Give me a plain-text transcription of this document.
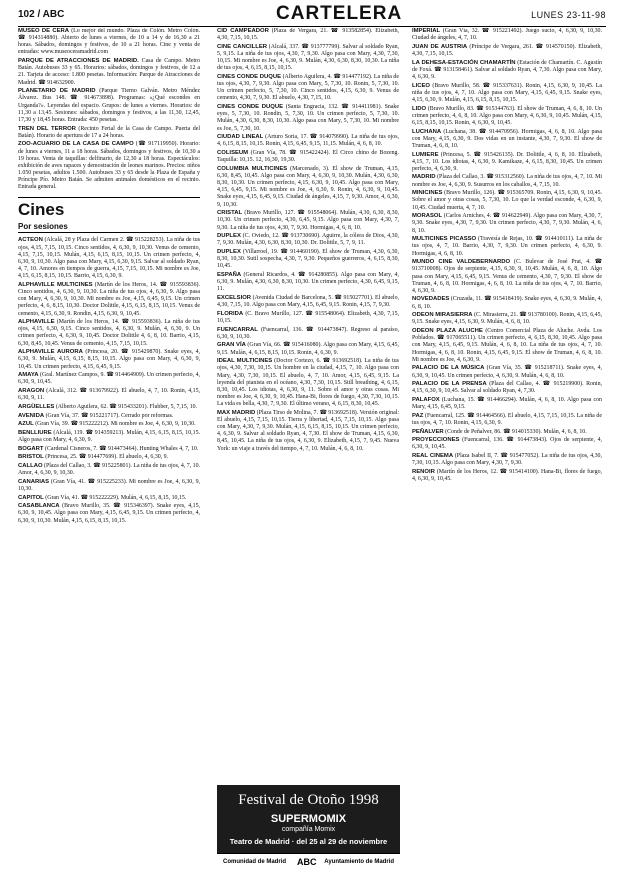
102 / ABC	CARTELERA	LUNES 23-11-98

MUSEO DE CERA (Lo mejor del mundo. Plaza de Colón. Metro Colón. ☎ 914314880). Abierto de lunes a viernes, de 10 a 14 y de 16,30 a 21 horas. Sábados, domingos y festivos, de 10 a 21 horas. Cine y venta de entradas: www.museoceramadrid.com

PARQUE DE ATRACCIONES DE MADRID. Casa de Campo. Metro Batán. Autobuses 33 y 65. Horarios: sábados, domingos y festivos, de 12 a 21. Tarjeta de acceso: 1.800 pesetas. Información: Parque de Atracciones de Madrid. ☎ 914632900.

PLANETARIO DE MADRID (Parque Tierno Galván. Metro Méndez Álvarez. Bus 148. ☎ 914673898). Programas: «¿Qué escondes en Urganda?». Leyendas del espacio. Grupos: de lunes a viernes. Horarios: de 11,30 a 13,45. Sesiones: sábados, domingos y festivos, a las 11,30, 12,45, 17,30 y 18,45 horas. Entrada: 450 pesetas.

TREN DEL TERROR (Recinto Ferial de la Casa de Campo. Puerta del Batán). Horario de apertura de 17 a 24 horas.

ZOO-ACUARIO DE LA CASA DE CAMPO (☎ 917119950). Horario: de lunes a viernes, 11 a 18 horas. Sábados, domingos y festivos, de 10,30 a 19 horas. Venta de taquillas: delfinario, de 12,30 a 18 horas. Espectáculos: exhibición de aves rapaces y demostración de leones marinos. Precios: niños 1.050 pesetas, adultos 1.500. Autobuses 33 y 65 desde la Plaza de España y Príncipe Pío. Metro Batán. Se admiten animales domésticos en el recinto. Entrada general.

Cines
Por sesiones

ACTEON (Alcalá, 28 y Plaza del Carmen 2. ☎ 915228253). La niña de tus ojos, 4,15, 7,15, 10,15. Cinco sentidos, 4, 6,30, 9, 10,30. Venus de cemento, 4,15, 7,15, 10,15. Mulán, 4,15, 6,15, 8,15, 10,15. Un crimen perfecto, 4, 6,30, 9, 10,30. Algo pasa con Mary, 4,15, 6,30, 9,15. Salvar al soldado Ryan, 4, 7, 10. Amores en tiempos de guerra, 4,15, 7,15, 10,15. Mi nombre es Joe, 4,15, 6,15, 8,15, 10,15. Barrio, 4,15, 6,30, 9.

ALPHAVILLE MULTICINES (Martín de los Heros, 14. ☎ 915593836). Cinco sentidos, 4, 6,30, 9, 10,30. La niña de tus ojos, 4, 6,30, 9. Algo pasa con Mary, 4, 6,30, 9, 10,30. Mi nombre es Joe, 4,15, 6,45, 9,15. Un crimen perfecto, 4, 6, 8,15, 10,30. Doctor Dolittle, 4,15, 6,15, 8,15, 10,15. Venus de cemento, 4,15, 6,30, 9. Rondin, 4,15, 6,30, 9, 10,45.

ALPHAVILLE (Martín de los Heros, 14. ☎ 915593836). La niña de tus ojos, 4,15, 6,30, 9,15. Cinco sentidos, 4, 6,30, 9. Mulán, 4, 6,30, 9. Un crimen perfecto, 4, 6,30, 9, 10,45. Doctor Dolittle 4, 6, 8, 10. Barrio, 4,15, 6,30, 8,45, 10,45. Venus de cemento, 4,15, 7,15, 10,15.

ALPHAVILLE AURORA (Princesa, 20. ☎ 915429870). Snake eyes, 4, 6,30, 9. Mulán, 4,15, 6,15, 8,15, 10,15. Algo pasa con Mary, 4, 6,30, 9, 10,45. Un crimen perfecto, 4,15, 6,45, 9,15.

AMAYA (Gral. Martínez Campos, 9. ☎ 914464909). Un crimen perfecto, 4, 6,30, 9, 10,45.

ARAGON (Alcalá, 312. ☎ 913679922). El abuelo, 4, 7, 10. Ronin, 4,15, 6,30, 9, 11.

ARGÜELLES (Alberto Aguilera, 62. ☎ 915433201). Flubber, 5, 7,15, 10.

AVENIDA (Gran Vía, 37. ☎ 915221717). Cerrado por reformas.

AZUL (Gran Vía, 39. ☎ 915222212). Mi nombre es Joe, 4, 6,30, 9, 10,30.

BENLLIURE (Alcalá, 119. ☎ 914359213). Mulán, 4,15, 6,15, 8,15, 10,15. Algo pasa con Mary, 4, 6,30, 9.

BOGART (Cardenal Cisneros, 7. ☎ 914473464). Hunting Whales 4, 7, 10.

BRISTOL (Princesa, 25. ☎ 914477699). El abuelo, 4, 6,30, 9.

CALLAO (Plaza del Callao, 3. ☎ 915225801). La niña de tus ojos, 4, 7, 10. Amor, 4, 6,30, 9, 10,30.

CANARIAS (Gran Vía, 41. ☎ 915225233). Mi nombre es Joe, 4, 6,30, 9, 10,30.

CAPITOL (Gran Vía, 41. ☎ 915222229). Mulán, 4, 6,15, 8,15, 10,15.

CASABLANCA (Bravo Murillo, 35. ☎ 915346397). Snake eyes, 4,15, 6,30, 9, 10,45. Algo pasa con Mary, 4,15, 6,45, 9,15. Un crimen perfecto, 4, 6,30, 9, 10,30. Mulán, 4,15, 6,15, 8,15, 10,15.

CID CAMPEADOR (Plaza de Vergara, 21. ☎ 913582854). Elizabeth, 4,30, 7,15, 10,15.

CINE CANCILLER (Alcalá, 337. ☎ 913777799). Salvar al soldado Ryan, 5, 9,15. La niña de tus ojos, 4,30, 7, 9,30. Algo pasa con Mary, 4,30, 7,30, 10,15. Mi nombre es Joe, 4, 6,30, 9. Mulán, 4,30, 6,30, 8,30, 10,30. La niña de tus ojos, 4, 6,15, 8,15, 10,15.

CINES CONDE DUQUE (Alberto Aguilera, 4. ☎ 914477192). La niña de tus ojos, 4,30, 7, 9,30. Algo pasa con Mary, 5, 7,30, 10. Ronin, 5, 7,30, 10. Un crimen perfecto, 5, 7,30, 10. Cinco sentidos, 4,15, 6,30, 9. Venus de cemento, 4,30, 7, 9,30. El abuelo, 4,30, 7,15, 10.

CINES CONDE DUQUE (Santa Engracia, 132. ☎ 914411981). Snake eyes, 5, 7,30, 10. Rondin, 5, 7,30, 10. Un crimen perfecto, 5, 7,30, 10. Mulán, 4,30, 6,30, 8,30, 10,30. Algo pasa con Mary, 5, 7,30, 10. Mi nombre es Joe, 5, 7,30, 10.

CIUDAD LINEAL (Arturo Soria, 17. ☎ 914079990). La niña de tus ojos, 4, 6,15, 8,15, 10,15. Ronin, 4,15, 6,45, 9,15, 11,15. Mulán, 4, 6, 8, 10.

COLISEUM (Gran Vía, 78. ☎ 915422424). El Circo chino de Bozeng. Taquilla: 10,15. 12, 16,30, 19,30.

COLUMBIA MULTICINES (Marcenado, 3). El show de Truman, 4,15, 6,30, 8,45, 10,45. Algo pasa con Mary, 4, 6,30, 9, 10,30. Mulán, 4,30, 6,30, 8,30, 10,30. Un crimen perfecto, 4,15, 6,30, 9, 10,45. Algo pasa con Mary, 4,15, 6,45, 9,15. Mi nombre es Joe, 4, 6,30, 9. Ronin, 4, 6,30, 9, 10,45. Snake eyes, 4,15, 6,45, 9,15. Ciudad de ángeles, 4,15, 7, 9,30. Amor, 4, 6,30, 9, 10,30.

CRISTAL (Bravo Murillo, 127. ☎ 915548064). Mulán, 4,30, 6,30, 8,30, 10,30. Un crimen perfecto, 4,30, 6,45, 9,15. Algo pasa con Mary, 4,30, 7, 9,30. La niña de tus ojos, 4,30, 7, 9,30. Hormigas, 4, 6, 8, 10.

DUPLEX (C. Oviedo, 12. ☎ 913730690). Aguirre, la cólera de Dios, 4,30, 7, 9,30. Mulán, 4,30, 6,30, 8,30, 10,30. Dr. Dolittle, 5, 7, 9, 11.

DUPLEX (Villarroel, 19. ☎ 914460190). El show de Truman, 4,30, 6,30, 8,30, 10,30. Sutil sospecha, 4,30, 7, 9,30. Pequeños guerreros, 4, 6,15, 8,30, 10,45.

ESPAÑA (General Ricardos, 4. ☎ 914280855). Algo pasa con Mary, 4, 6,30, 9. Mulán, 4,30, 6,30, 8,30, 10,30. Un crimen perfecto, 4,30, 6,45, 9,15, 11.

EXCELSIOR (Avenida Ciudad de Barcelona, 5. ☎ 915027701). El abuelo, 4,30, 7,15, 10. Algo pasa con Mary, 4,15, 6,45, 9,15. Ronin, 4,15, 7, 9,30.

FLORIDA (C. Bravo Murillo, 127. ☎ 915548064). Elizabeth, 4,30, 7,15, 10,15.

FUENCARRAL (Fuencarral, 136. ☎ 914473847). Regreso al paraíso, 6,30, 9, 10,30.

GRAN VÍA (Gran Vía, 66. ☎ 915416080). Algo pasa con Mary, 4,15, 6,45, 9,15. Mulán, 4, 6,15, 8,15, 10,15. Ronin, 4, 6,30, 9.

IDEAL MULTICINES (Doctor Cortezo, 6. ☎ 913692518). La niña de tus ojos, 4,30, 7,30, 10,15. Un hombre en la ciudad, 4,15, 7, 10. Algo pasa con Mary, 4,30, 7,30, 10,15. El abuelo, 4, 7, 10. Amor, 4,15, 6,45, 9,15. La leyenda del pianista en el océano, 4,30, 7,30, 10,15. Still breathing, 4, 6,15, 8,30, 10,45. Los idiotas, 4, 6,30, 9, 11. Sobre el amor y otras cosas. Mi nombre es Joe, 4, 6,30, 9, 10,45. Hana-Bi, flores de fuego, 4,30, 7,30, 10,15. La vida es bella, 4,30, 7, 9,30. El último verano, 4, 6,15, 8,30, 10,45.

MAX MADRID (Plaza Tirso de Molina, 7. ☎ 913692518). Versión original: El abuelo, 4,15, 7,15, 10,15. Tierra y libertad, 4,15, 7,15, 10,15. Algo pasa con Mary, 4,30, 7, 9,30. Mulán, 4,15, 6,15, 8,15, 10,15. Un crimen perfecto, 4, 6,30, 9. Salvar al soldado Ryan, 4, 7,30. El show de Truman, 4,15, 6,30, 8,45, 10,45. La niña de tus ojos, 4, 6,30, 9. Elizabeth, 4,15, 7, 9,45. Nueva York: un viaje a través del tiempo, 4, 7, 10. Mulán, 4, 6, 8, 10.

Festival de Otoño 1998
SUPERMOMIX
compañía Momix
Teatro de Madrid · del 25 al 29 de noviembre
Comunidad de Madrid ABC Ayuntamiento de Madrid

IMPERIAL (Gran Vía, 32. ☎ 915221492). Juego sucio, 4, 6,30, 9, 10,30. Ciudad de ángeles, 4, 7, 10.

JUAN DE AUSTRIA (Príncipe de Vergara, 261. ☎ 914570150). Elizabeth, 4,30, 7,15, 10,15.

LA DEHESA-ESTACIÓN CHAMARTÍN (Estación de Chamartín. C. Agustín de Foxá. ☎ 913158461). Salvar al soldado Ryan, 4, 7,30. Algo pasa con Mary, 4, 6,30, 9.

LICEO (Bravo Murillo, 58. ☎ 915337631). Ronin, 4,15, 6,30, 9, 10,45. La niña de tus ojos, 4, 7, 10. Algo pasa con Mary, 4,15, 6,45, 9,15. Snake eyes, 4,15, 6,30, 9. Mulán, 4,15, 6,15, 8,15, 10,15.

LIDO (Bravo Murillo, 83. ☎ 915344763). El show de Truman, 4, 6, 8, 10. Un crimen perfecto, 4, 6, 8, 10. Algo pasa con Mary, 4, 6,30, 9, 10,45. Mulán, 4,15, 6,15, 8,15, 10,15. Ronin, 4, 6,30, 9, 10,45.

LUCHANA (Luchana, 38. ☎ 914470956). Hormigas, 4, 6, 8, 10. Algo pasa con Mary, 4,15, 6,30, 9. Dos vidas en un instante, 4,30, 7, 9,30. El show de Truman, 4, 6, 8, 10.

LUMIERE (Princesa, 5. ☎ 915426135). Dr. Dolittle, 4, 6, 8, 10. Elizabeth, 4,15, 7, 10. Los idiotas, 4, 6,30, 9. Kamikaze, 4, 6,15, 8,30, 10,45. Un crimen perfecto, 4, 6,30, 9.

MADRID (Plaza del Callao, 3. ☎ 915312560). La niña de tus ojos, 4, 7, 10. Mi nombre es Joe, 4, 6,30, 9. Susurros en los caballos, 4, 7,15, 10.

MINICINES (Bravo Murillo, 126). ☎ 915365709. Ronin, 4,15, 6,30, 9, 10,45. Sobre el amor y otras cosas, 5, 7,30, 10. Lo que la verdad esconde, 4, 6,30, 9, 10,45. Ciudad muerta, 4, 7, 10.

MORASOL (Carlos Arniches, 4. ☎ 914622949). Algo pasa con Mary, 4,30, 7, 9,30. Snake eyes, 4,30, 7, 9,30. Un crimen perfecto, 4,30, 7, 9,30. Mulán, 4, 6, 8, 10.

MULTICINES PICASSO (Travesía de Rejas, 10. ☎ 914410111). La niña de tus ojos, 4, 7, 10. Barrio, 4,30, 7, 9,30. Un crimen perfecto, 4, 6,30, 9. Hormigas, 4, 6, 8, 10.

MUNDO CINE VALDEBERNARDO (C. Bulevar de José Prat, 4. ☎ 913710008). Ojos de serpiente, 4,15, 6,30, 9, 10,45. Mulán, 4, 6, 8, 10. Algo pasa con Mary, 4,15, 6,45, 9,15. Venus de cemento, 4,30, 7, 9,30. El show de Truman, 4, 6, 8, 10. Hormigas, 4, 6, 8, 10. La niña de tus ojos, 4, 7, 10. Barrio, 4, 6,30, 9.

NOVEDADES (Cruzada, 11. ☎ 915418419). Snake eyes, 4, 6,30, 9. Mulán, 4, 6, 8, 10.

ODEON MIRASIERRA (C. Mirasierra, 21. ☎ 913780100). Ronin, 4,15, 6,45, 9,15. Snake eyes, 4,15, 6,30, 9. Mulán, 4, 6, 8, 10.

ODEON PLAZA ALUCHE (Centro Comercial Plaza de Aluche. Avda. Los Poblados. ☎ 917065511). Un crimen perfecto, 4, 6,15, 8,30, 10,45. Algo pasa con Mary, 4,15, 6,45, 9,15. Mulán, 4, 6, 8, 10. La niña de tus ojos, 4, 7, 10. Hormigas, 4, 6, 8, 10. Ronin, 4,15, 6,45, 9,15. El show de Truman, 4, 6, 8, 10. Mi nombre es Joe, 4, 6,30, 9.

PALACIO DE LA MÚSICA (Gran Vía, 35. ☎ 915218711). Snake eyes, 4, 6,30, 9, 10,45. Un crimen perfecto, 4, 6,30, 9. Mulán, 4, 6, 8, 10.

PALACIO DE LA PRENSA (Plaza del Callao, 4. ☎ 915219900). Ronin, 4,15, 6,30, 9, 10,45. Salvar al soldado Ryan, 4, 7,30.

PALAFOX (Luchana, 15. ☎ 914466294). Mulán, 4, 6, 8, 10. Algo pasa con Mary, 4,15, 6,45, 9,15.

PAZ (Fuencarral, 125. ☎ 914464566). El abuelo, 4,15, 7,15, 10,15. La niña de tus ojos, 4, 7, 10. Ronin, 4,15, 6,30, 9.

PEÑALVER (Conde de Peñalver, 86. ☎ 914015330). Mulán, 4, 6, 8, 10.

PROYECCIONES (Fuencarral, 136. ☎ 914473843). Ojos de serpiente, 4, 6,30, 9, 10,45.

REAL CINEMA (Plaza Isabel II, 7. ☎ 915477052). La niña de tus ojos, 4,30, 7,30, 10,15. Algo pasa con Mary, 4,30, 7, 9,30.

RENOIR (Martín de los Heros, 12. ☎ 915414100). Hana-Bi, flores de fuego, 4, 6,30, 9, 10,45.
